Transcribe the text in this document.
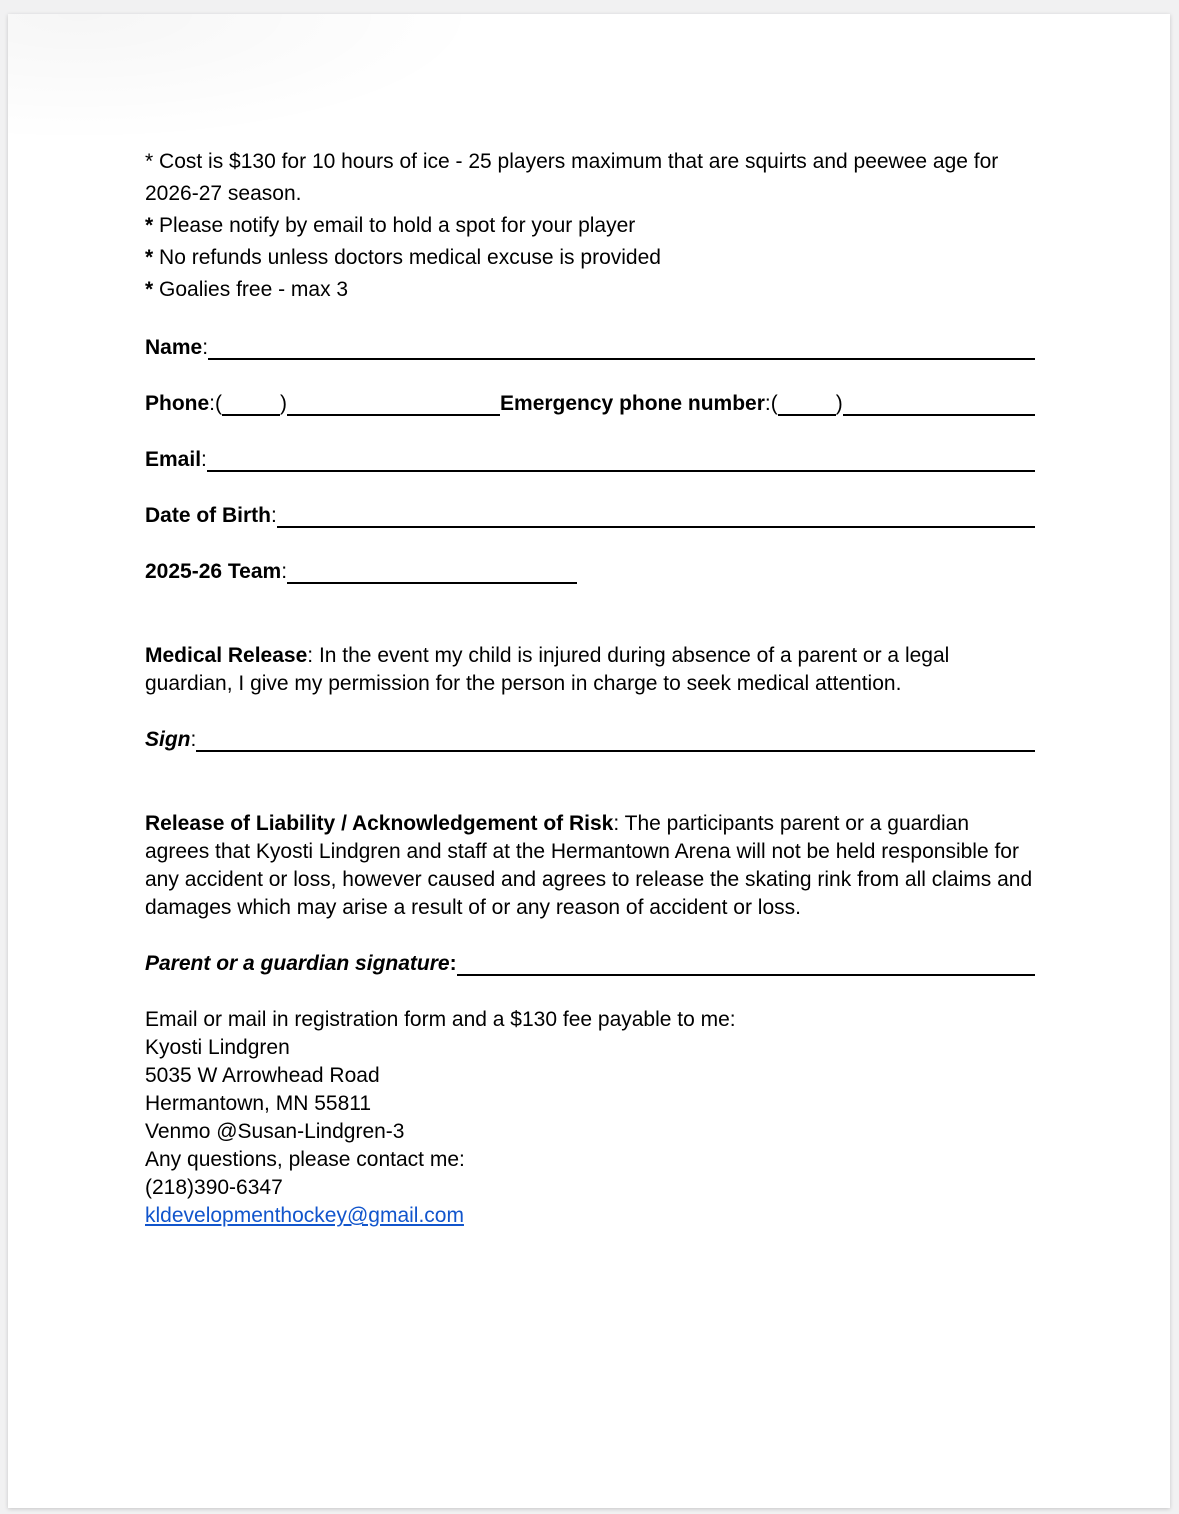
* Cost is $130 for 10 hours of ice - 25 players maximum that are squirts and peewee age for 2026-27 season.
* Please notify by email to hold a spot for your player
* No refunds unless doctors medical excuse is provided
* Goalies free - max 3
Name :
Phone : (	)	Emergency phone number : (	)
Email :
Date of Birth :
2025-26 Team :
Medical Release: In the event my child is injured during absence of a parent or a legal guardian, I give my permission for the person in charge to seek medical attention.
Sign :
Release of Liability / Acknowledgement of Risk: The participants parent or a guardian agrees that Kyosti Lindgren and staff at the Hermantown Arena will not be held responsible for any accident or loss, however caused and agrees to release the skating rink from all claims and damages which may arise a result of or any reason of accident or loss.
Parent or a guardian signature :
Email or mail in registration form and a $130 fee payable to me:
Kyosti Lindgren
5035 W Arrowhead Road
Hermantown, MN 55811
Venmo @Susan-Lindgren-3
Any questions, please contact me:
(218)390-6347
kldevelopmenthockey@gmail.com
